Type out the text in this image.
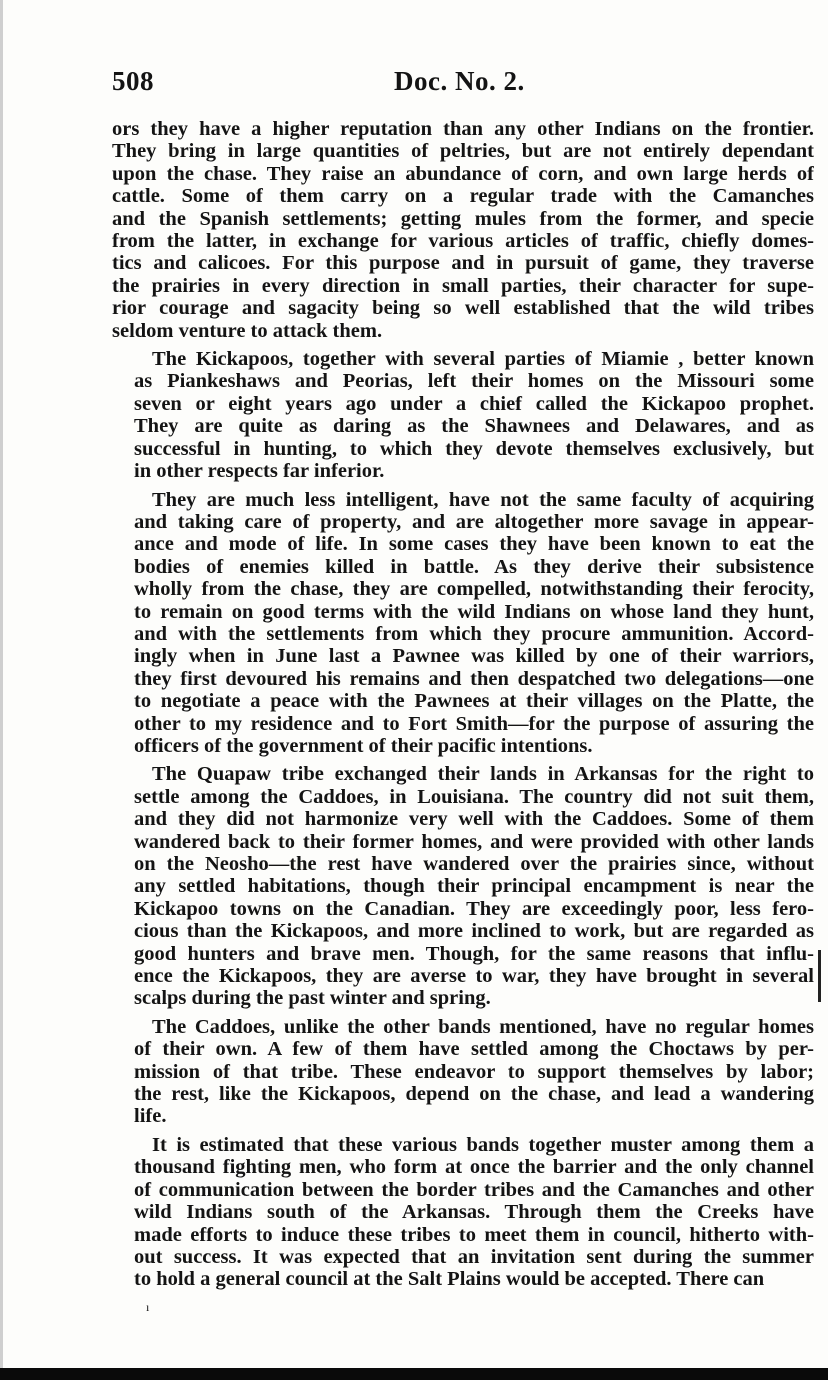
508	Doc. No. 2.
ors they have a higher reputation than any other Indians on the frontier.
They bring in large quantities of peltries, but are not entirely dependant
upon the chase. They raise an abundance of corn, and own large herds of
cattle. Some of them carry on a regular trade with the Camanches
and the Spanish settlements; getting mules from the former, and specie
from the latter, in exchange for various articles of traffic, chiefly domes-
tics and calicoes. For this purpose and in pursuit of game, they traverse
the prairies in every direction in small parties, their character for supe-
rior courage and sagacity being so well established that the wild tribes
seldom venture to attack them.
The Kickapoos, together with several parties of Miamie , better known
as Piankeshaws and Peorias, left their homes on the Missouri some
seven or eight years ago under a chief called the Kickapoo prophet.
They are quite as daring as the Shawnees and Delawares, and as
successful in hunting, to which they devote themselves exclusively, but
in other respects far inferior.
They are much less intelligent, have not the same faculty of acquiring
and taking care of property, and are altogether more savage in appear-
ance and mode of life. In some cases they have been known to eat the
bodies of enemies killed in battle. As they derive their subsistence
wholly from the chase, they are compelled, notwithstanding their ferocity,
to remain on good terms with the wild Indians on whose land they hunt,
and with the settlements from which they procure ammunition. Accord-
ingly when in June last a Pawnee was killed by one of their warriors,
they first devoured his remains and then despatched two delegations—one
to negotiate a peace with the Pawnees at their villages on the Platte, the
other to my residence and to Fort Smith—for the purpose of assuring the
officers of the government of their pacific intentions.
The Quapaw tribe exchanged their lands in Arkansas for the right to
settle among the Caddoes, in Louisiana. The country did not suit them,
and they did not harmonize very well with the Caddoes. Some of them
wandered back to their former homes, and were provided with other lands
on the Neosho—the rest have wandered over the prairies since, without
any settled habitations, though their principal encampment is near the
Kickapoo towns on the Canadian. They are exceedingly poor, less fero-
cious than the Kickapoos, and more inclined to work, but are regarded as
good hunters and brave men. Though, for the same reasons that influ-
ence the Kickapoos, they are averse to war, they have brought in several
scalps during the past winter and spring.
The Caddoes, unlike the other bands mentioned, have no regular homes
of their own. A few of them have settled among the Choctaws by per-
mission of that tribe. These endeavor to support themselves by labor;
the rest, like the Kickapoos, depend on the chase, and lead a wandering
life.
It is estimated that these various bands together muster among them a
thousand fighting men, who form at once the barrier and the only channel
of communication between the border tribes and the Camanches and other
wild Indians south of the Arkansas. Through them the Creeks have
made efforts to induce these tribes to meet them in council, hitherto with-
out success. It was expected that an invitation sent during the summer
to hold a general council at the Salt Plains would be accepted. There can
ı
